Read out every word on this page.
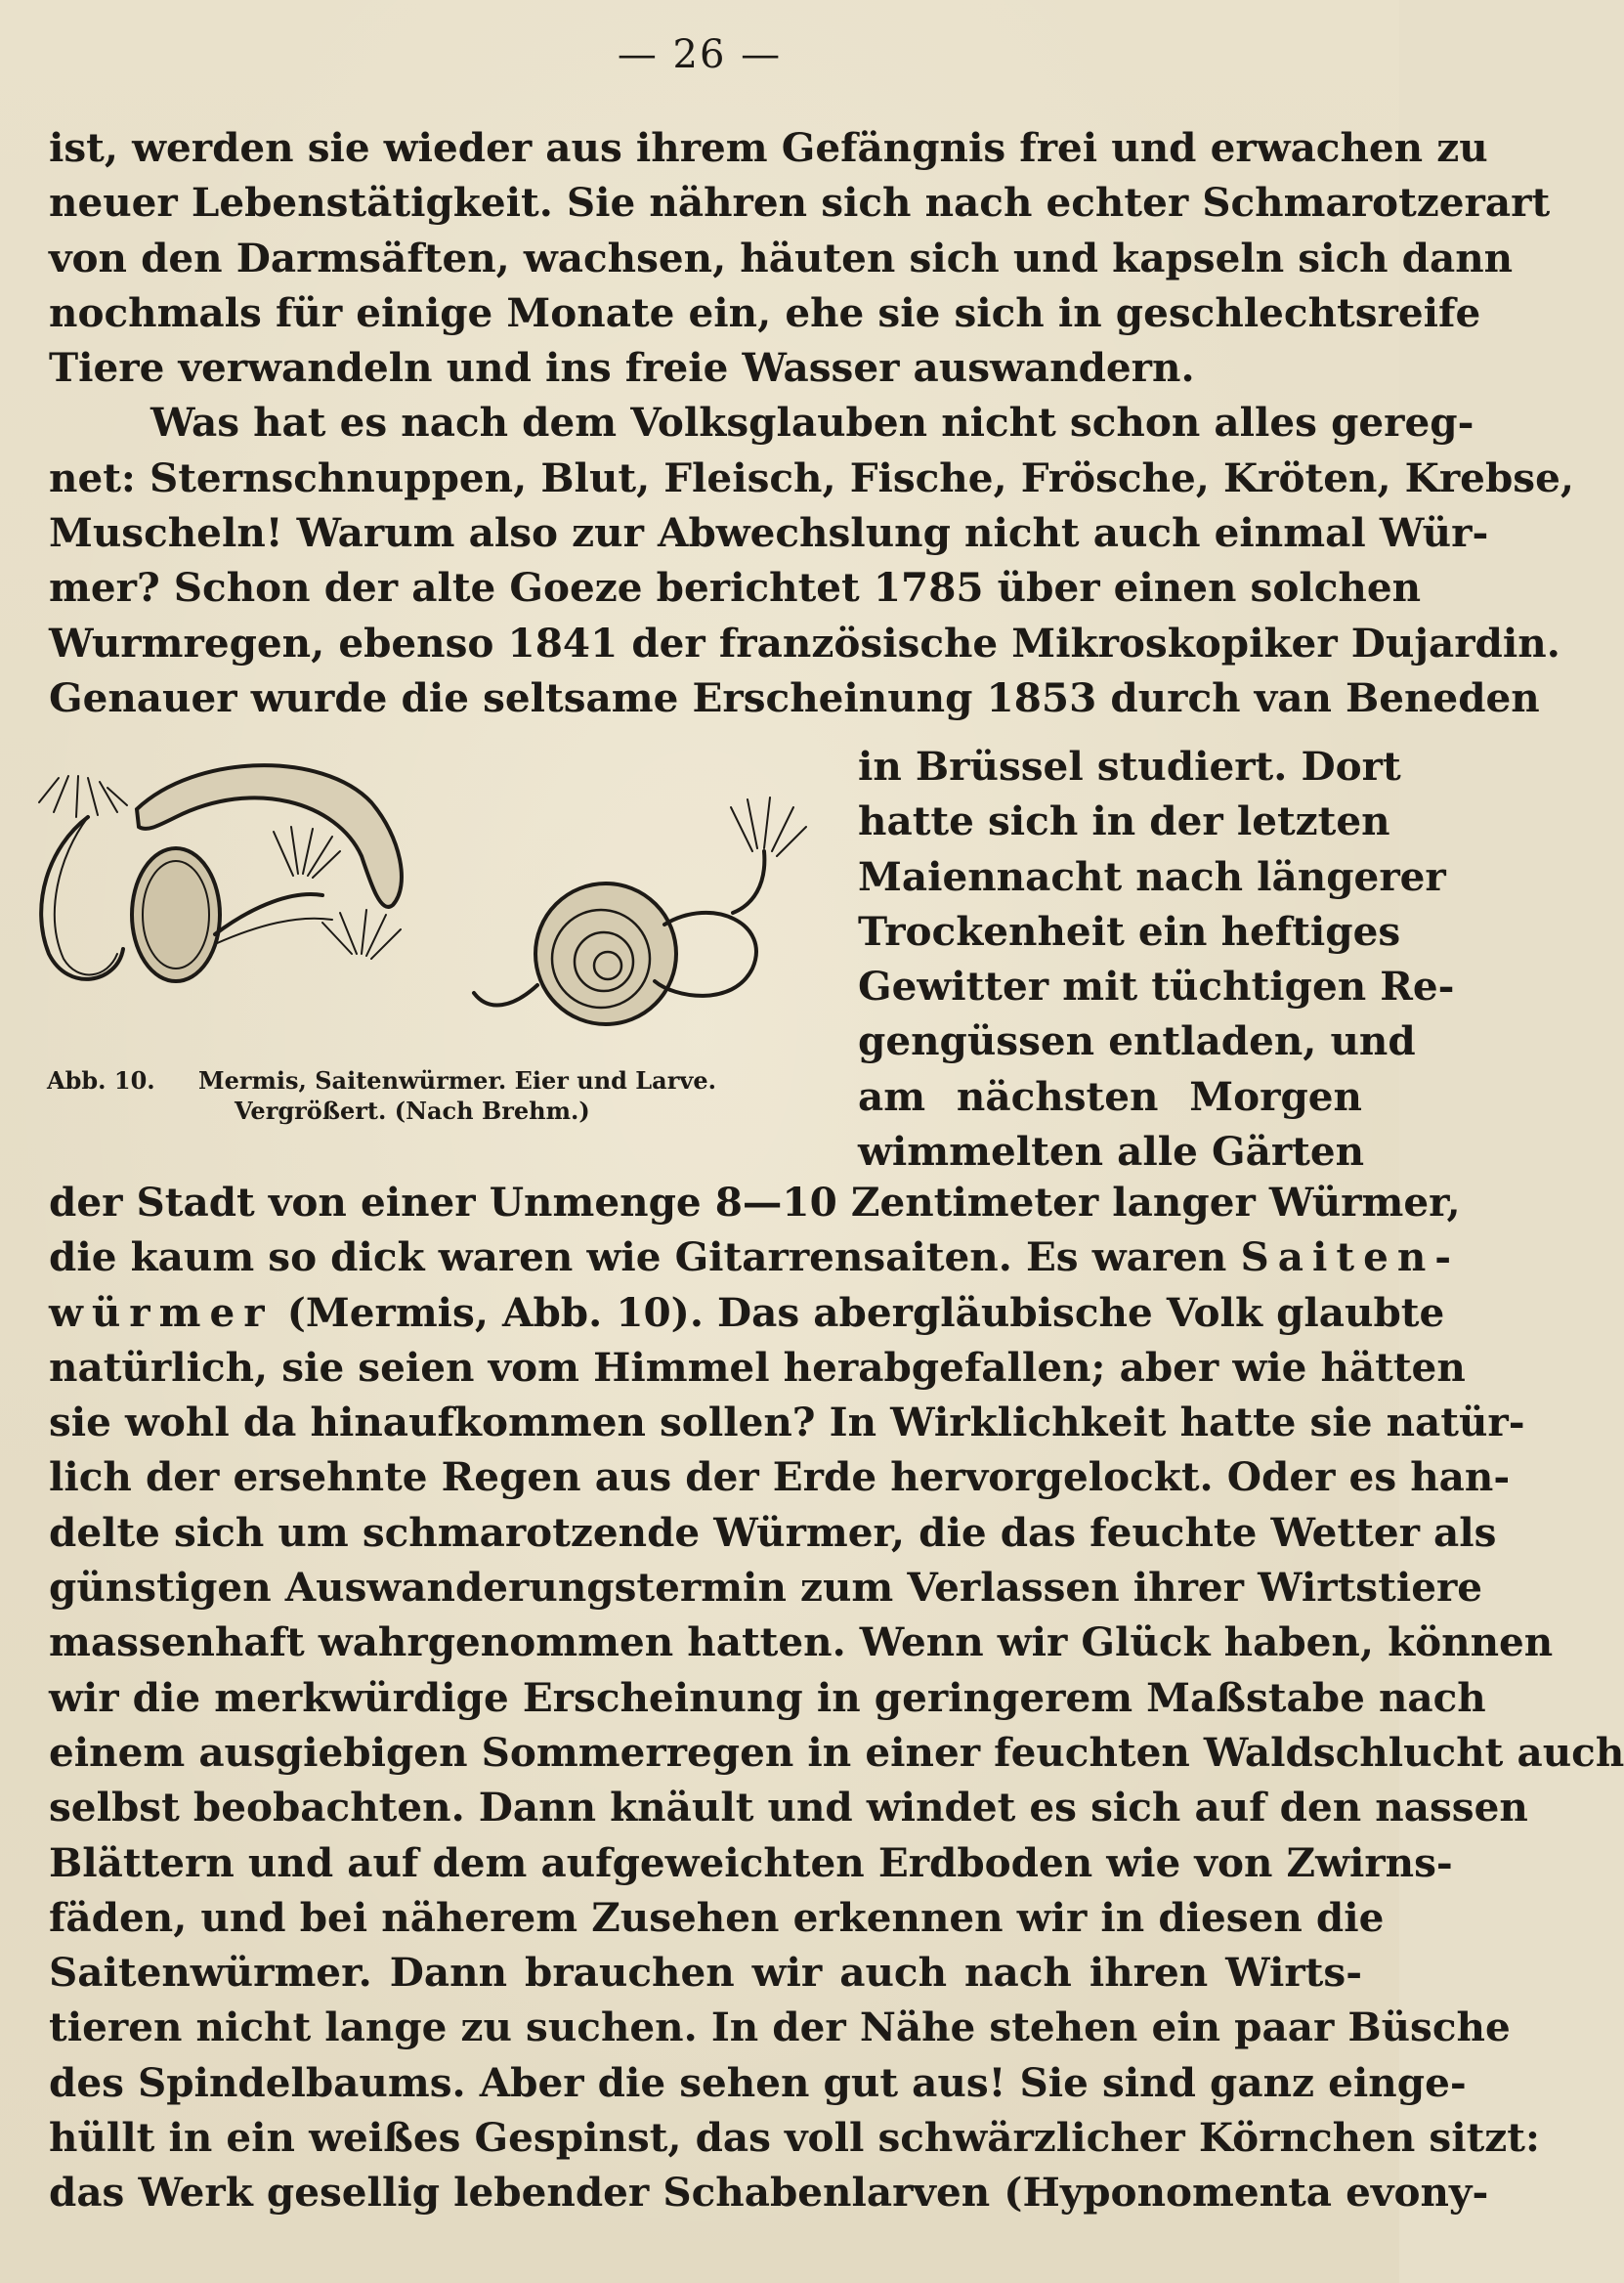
— 26 —
ist, werden sie wieder aus ihrem Gefängnis frei und erwachen zu
neuer Lebenstätigkeit. Sie nähren sich nach echter Schmarotzerart
von den Darmsäften, wachsen, häuten sich und kapseln sich dann
nochmals für einige Monate ein, ehe sie sich in geschlechtsreife
Tiere verwandeln und ins freie Wasser auswandern.
Was hat es nach dem Volksglauben nicht schon alles gereg-
net: Sternschnuppen, Blut, Fleisch, Fische, Frösche, Kröten, Krebse,
Muscheln! Warum also zur Abwechslung nicht auch einmal Wür-
mer? Schon der alte Goeze berichtet 1785 über einen solchen
Wurmregen, ebenso 1841 der französische Mikroskopiker Dujardin.
Genauer wurde die seltsame Erscheinung 1853 durch van Beneden
Abb. 10. Mermis, Saitenwürmer. Eier und Larve.
Vergrößert. (Nach Brehm.)
in Brüssel studiert. Dort
hatte sich in der letzten
Maiennacht nach längerer
Trockenheit ein heftiges
Gewitter mit tüchtigen Re-
gengüssen entladen, und
am nächsten Morgen
wimmelten alle Gärten
der Stadt von einer Unmenge 8—10 Zentimeter langer Würmer,
die kaum so dick waren wie Gitarrensaiten. Es waren Saiten-
würmer (Mermis, Abb. 10). Das abergläubische Volk glaubte
natürlich, sie seien vom Himmel herabgefallen; aber wie hätten
sie wohl da hinaufkommen sollen? In Wirklichkeit hatte sie natür-
lich der ersehnte Regen aus der Erde hervorgelockt. Oder es han-
delte sich um schmarotzende Würmer, die das feuchte Wetter als
günstigen Auswanderungstermin zum Verlassen ihrer Wirtstiere
massenhaft wahrgenommen hatten. Wenn wir Glück haben, können
wir die merkwürdige Erscheinung in geringerem Maßstabe nach
einem ausgiebigen Sommerregen in einer feuchten Waldschlucht auch
selbst beobachten. Dann knäult und windet es sich auf den nassen
Blättern und auf dem aufgeweichten Erdboden wie von Zwirns-
fäden, und bei näherem Zusehen erkennen wir in diesen die
Saitenwürmer. Dann brauchen wir auch nach ihren Wirts-
tieren nicht lange zu suchen. In der Nähe stehen ein paar Büsche
des Spindelbaums. Aber die sehen gut aus! Sie sind ganz einge-
hüllt in ein weißes Gespinst, das voll schwärzlicher Körnchen sitzt:
das Werk gesellig lebender Schabenlarven (Hyponomenta evony-
